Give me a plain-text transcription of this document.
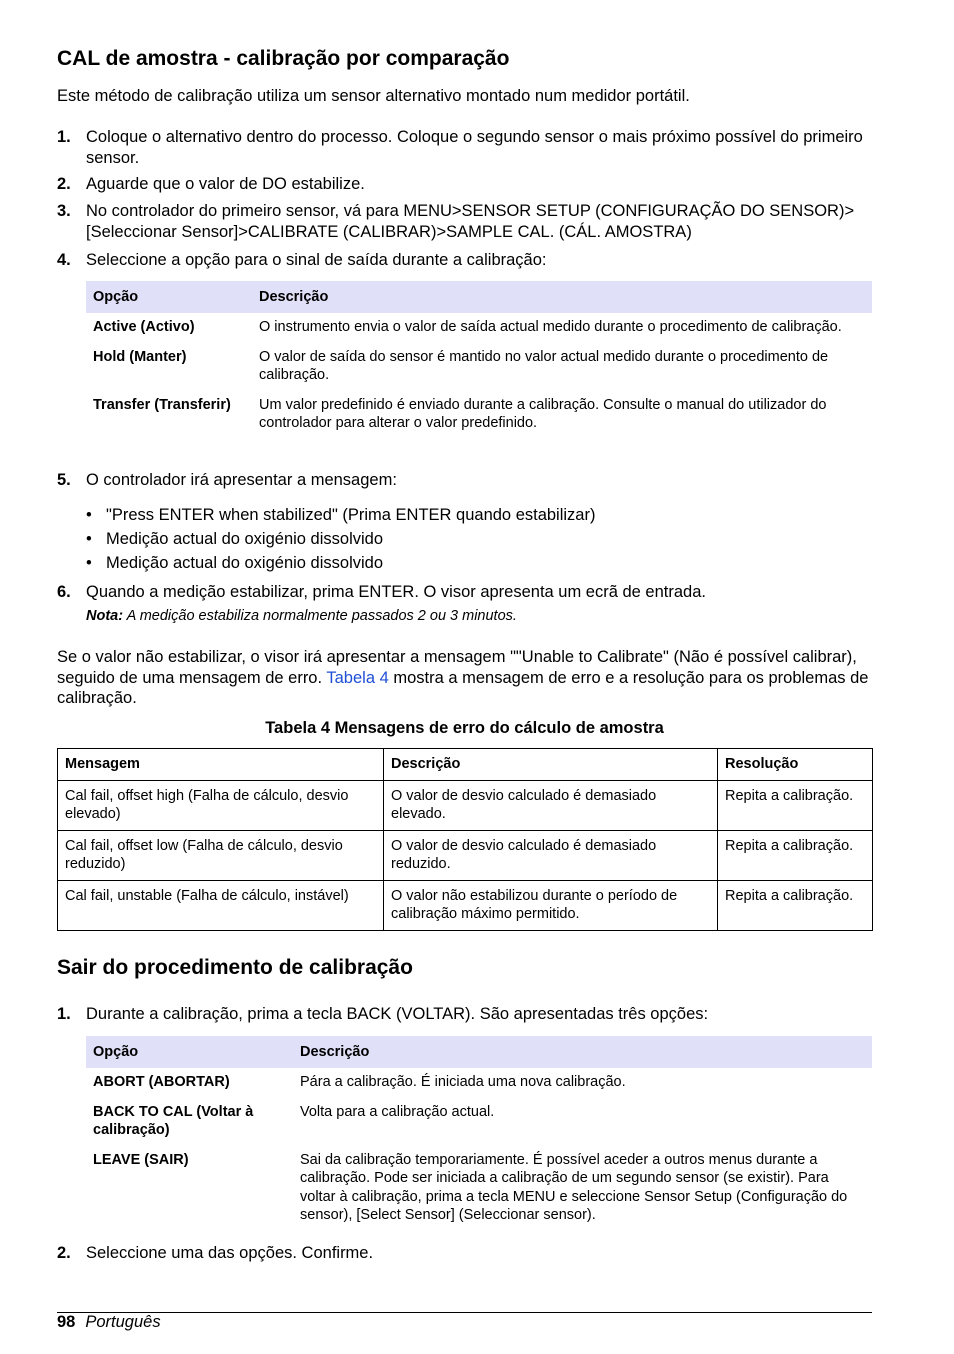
CAL de amostra - calibração por comparação
Este método de calibração utiliza um sensor alternativo montado num medidor portátil.
1. Coloque o alternativo dentro do processo. Coloque o segundo sensor o mais próximo possível do primeiro sensor.
2. Aguarde que o valor de DO estabilize.
3. No controlador do primeiro sensor, vá para MENU>SENSOR SETUP (CONFIGURAÇÃO DO SENSOR)>[Seleccionar Sensor]>CALIBRATE (CALIBRAR)>SAMPLE CAL. (CÁL. AMOSTRA)
4. Seleccione a opção para o sinal de saída durante a calibração:
Opção	Descrição
Active (Activo)	O instrumento envia o valor de saída actual medido durante o procedimento de calibração.
Hold (Manter)	O valor de saída do sensor é mantido no valor actual medido durante o procedimento de calibração.
Transfer (Transferir)	Um valor predefinido é enviado durante a calibração. Consulte o manual do utilizador do controlador para alterar o valor predefinido.
5. O controlador irá apresentar a mensagem:
• "Press ENTER when stabilized" (Prima ENTER quando estabilizar)
• Medição actual do oxigénio dissolvido
• Medição actual do oxigénio dissolvido
6. Quando a medição estabilizar, prima ENTER. O visor apresenta um ecrã de entrada.
Nota: A medição estabiliza normalmente passados 2 ou 3 minutos.
Se o valor não estabilizar, o visor irá apresentar a mensagem ""Unable to Calibrate" (Não é possível calibrar), seguido de uma mensagem de erro. Tabela 4 mostra a mensagem de erro e a resolução para os problemas de calibração.
Tabela 4 Mensagens de erro do cálculo de amostra
Mensagem	Descrição	Resolução
Cal fail, offset high (Falha de cálculo, desvio elevado)	O valor de desvio calculado é demasiado elevado.	Repita a calibração.
Cal fail, offset low (Falha de cálculo, desvio reduzido)	O valor de desvio calculado é demasiado reduzido.	Repita a calibração.
Cal fail, unstable (Falha de cálculo, instável)	O valor não estabilizou durante o período de calibração máximo permitido.	Repita a calibração.
Sair do procedimento de calibração
1. Durante a calibração, prima a tecla BACK (VOLTAR). São apresentadas três opções:
Opção	Descrição
ABORT (ABORTAR)	Pára a calibração. É iniciada uma nova calibração.
BACK TO CAL (Voltar à calibração)	Volta para a calibração actual.
LEAVE (SAIR)	Sai da calibração temporariamente. É possível aceder a outros menus durante a calibração. Pode ser iniciada a calibração de um segundo sensor (se existir). Para voltar à calibração, prima a tecla MENU e seleccione Sensor Setup (Configuração do sensor), [Select Sensor] (Seleccionar sensor).
2. Seleccione uma das opções. Confirme.
98 Português
